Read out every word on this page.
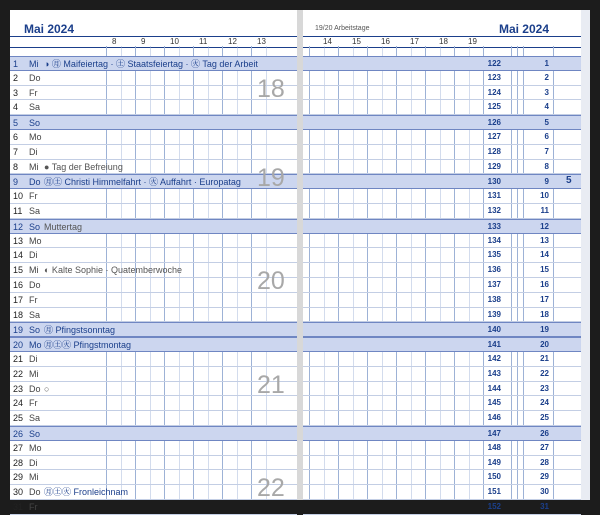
Mai 2024
8	9	10	11	12	13
1	Mi ◑ ㊊ Maifeiertag · ㊏ Staatsfeiertag · ㊋ Tag der Arbeit
2	Do
3	Fr
4	Sa
5	So
6	Mo
7	Di
8	Mi ● Tag der Befreiung
9	Do ㊊㊏ Christi Himmelfahrt · ㊋ Auffahrt · Europatag
10 Fr
11 Sa
12 So Muttertag
13 Mo
14 Di
15 Mi ◐ Kalte Sophie · Quatemberwoche
16 Do
17 Fr
18 Sa
19 So ㊊ Pfingstsonntag
20 Mo ㊊㊏㊋ Pfingstmontag
21 Di
22 Mi
23 Do ○
24 Fr
25 Sa
26 So
27 Mo
28 Di
29 Mi
30 Do ㊊㊏㊋ Fronleichnam
31 Fr
18
19
20
21
22
19/20 Arbeitstage	Mai 2024
14	15	16	17	18	19
122	1
123	2
124	3
125	4
126	5
127	6
128	7
129	8
130	9
131	10
132	11
133	12
134	13
135	14
136	15
137	16
138	17
139	18
140	19
141	20
142	21
143	22
144	23
145	24
146	25
147	26
148	27
149	28
150	29
151	30
152	31
5
